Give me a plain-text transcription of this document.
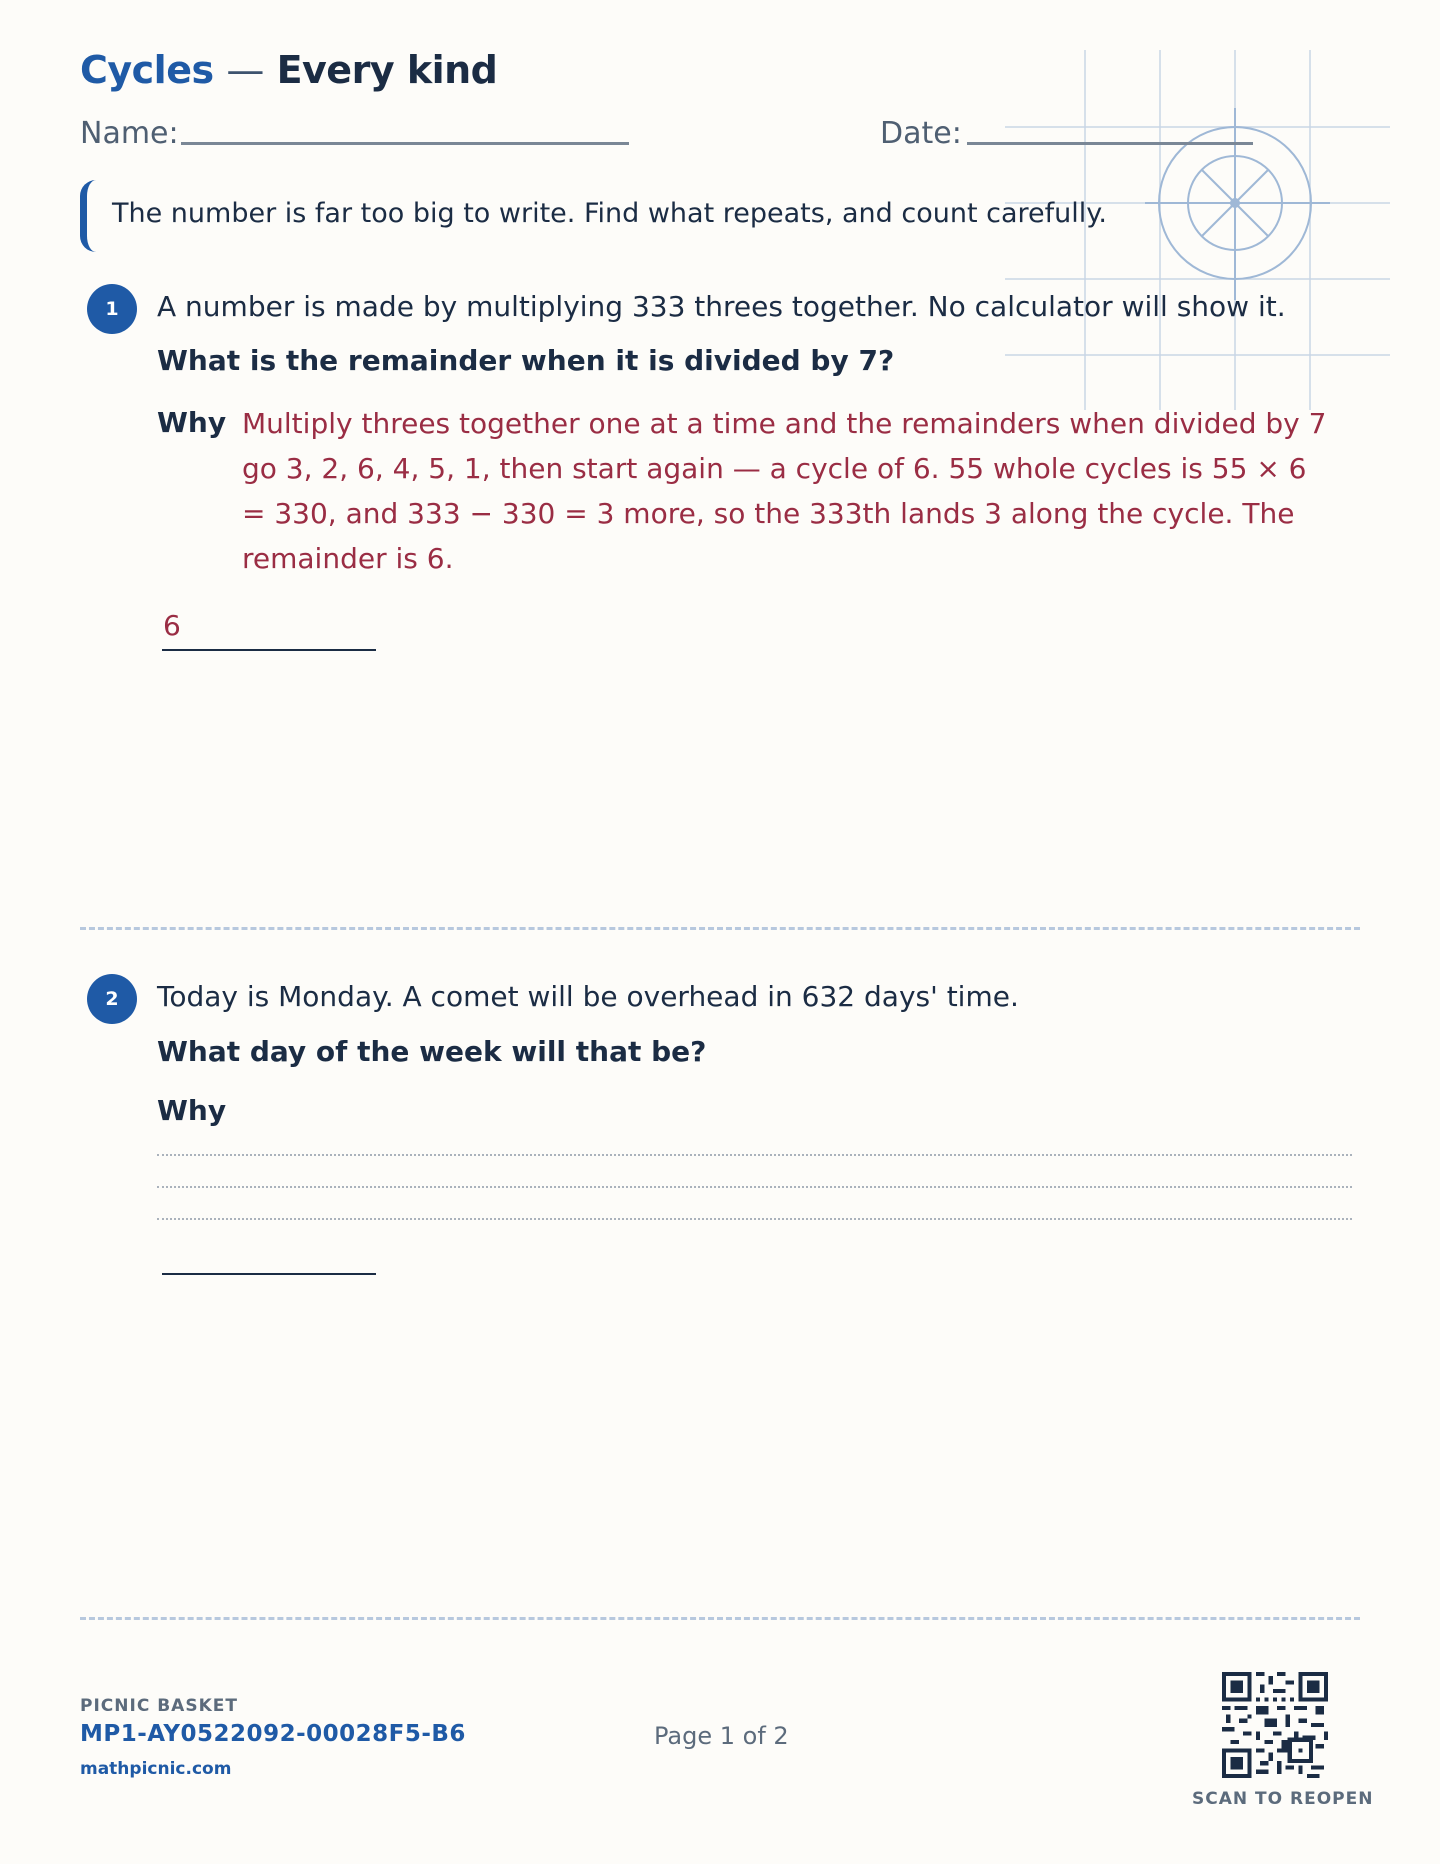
Cycles — Every kind
Name:	Date:
The number is far too big to write. Find what repeats, and count carefully.
1	A number is made by multiplying 333 threes together. No calculator will show it.
What is the remainder when it is divided by 7?
Why Multiply threes together one at a time and the remainders when divided by 7 go 3, 2, 6, 4, 5, 1, then start again — a cycle of 6. 55 whole cycles is 55 × 6 = 330, and 333 − 330 = 3 more, so the 333th lands 3 along the cycle. The remainder is 6.
6
2	Today is Monday. A comet will be overhead in 632 days' time.
What day of the week will that be?
Why
PICNIC BASKET
MP1-AY0522092-00028F5-B6
mathpicnic.com
Page 1 of 2
SCAN TO REOPEN
